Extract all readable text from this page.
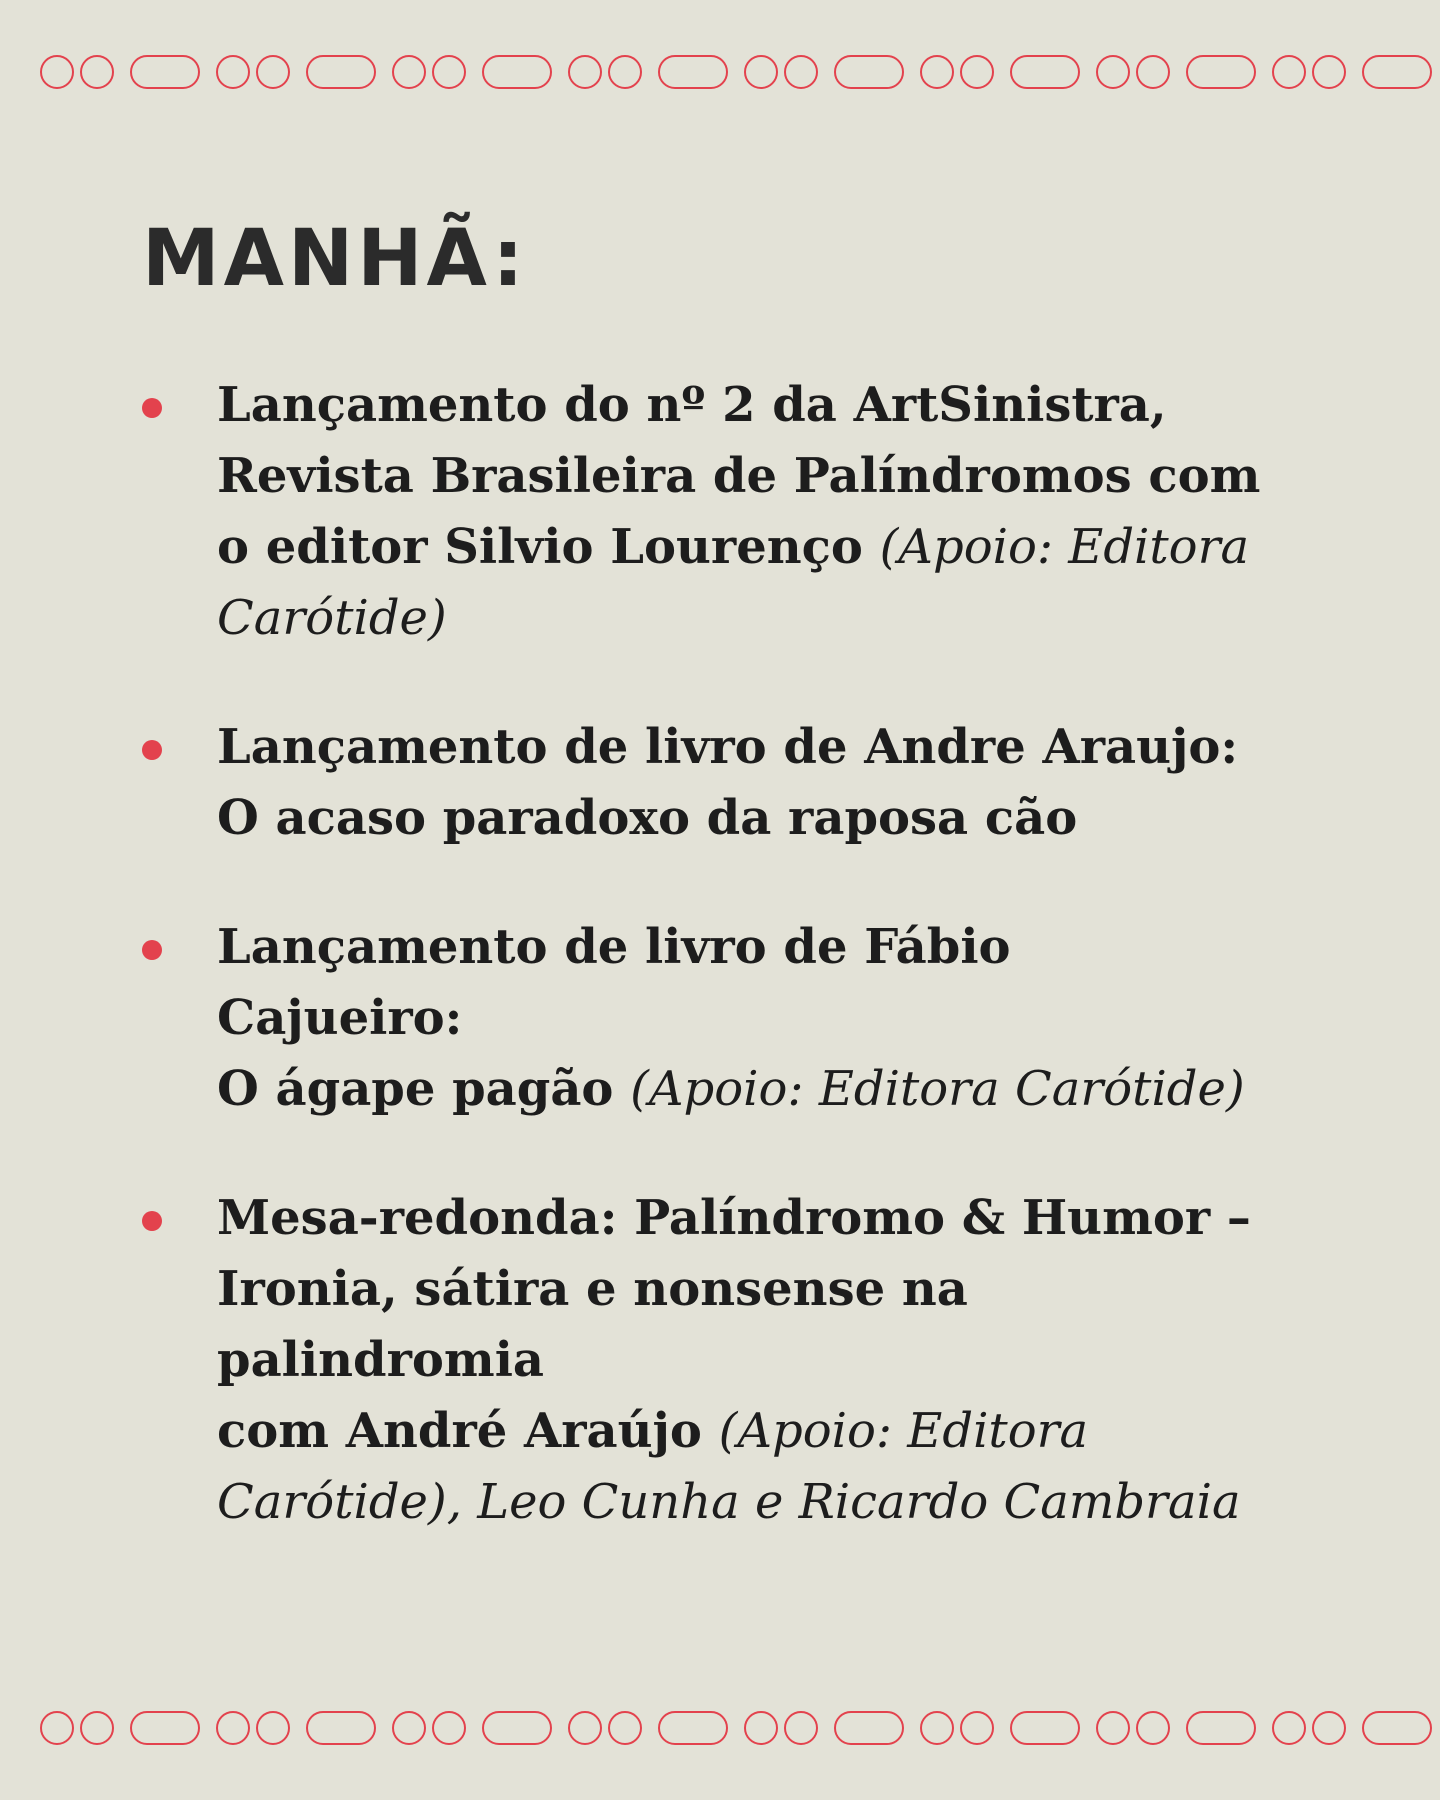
MANHÃ:
Lançamento do nº 2 da ArtSinistra,
Revista Brasileira de Palíndromos com
o editor Silvio Lourenço (Apoio: Editora Carótide)
Lançamento de livro de Andre Araujo:
O acaso paradoxo da raposa cão
Lançamento de livro de Fábio Cajueiro:
O ágape pagão (Apoio: Editora Carótide)
Mesa-redonda: Palíndromo & Humor –
Ironia, sátira e nonsense na palindromia
com André Araújo (Apoio: Editora Carótide), Leo Cunha e Ricardo Cambraia
